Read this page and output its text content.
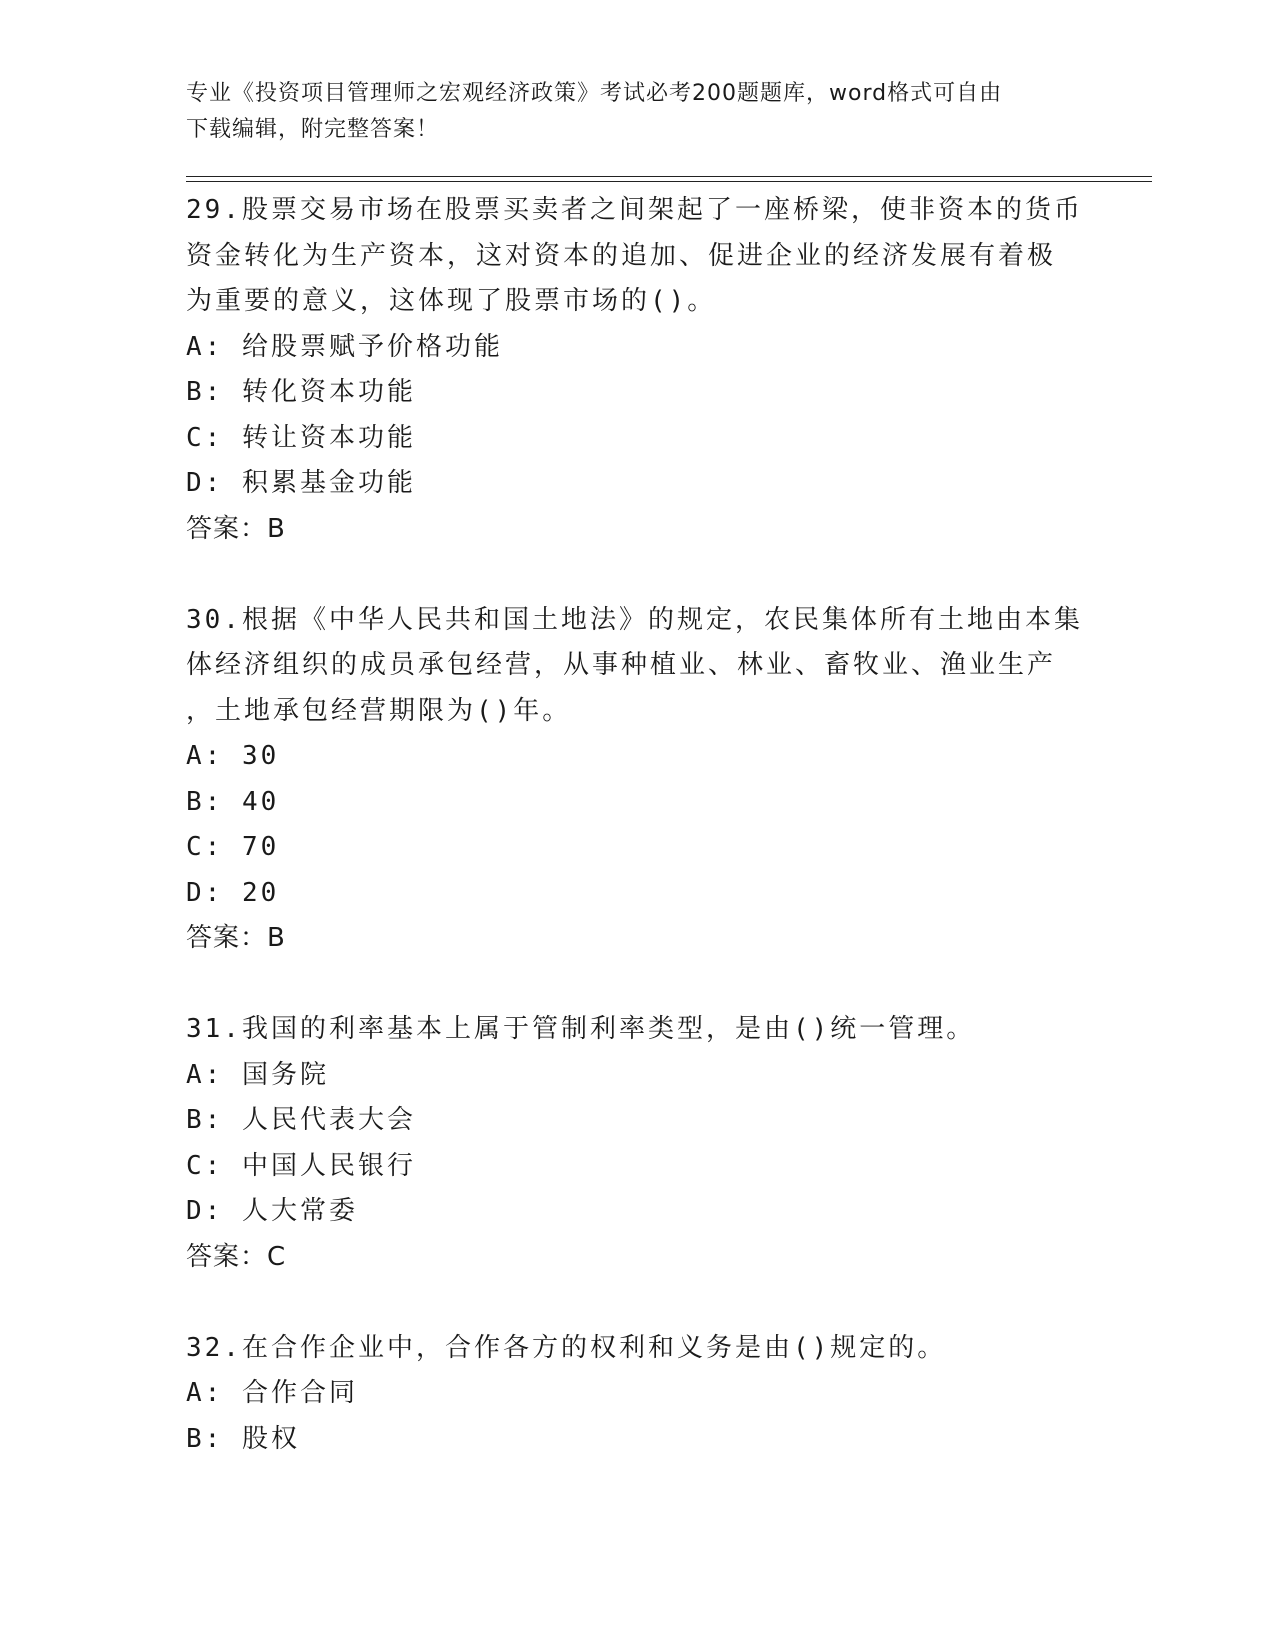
专业《投资项目管理师之宏观经济政策》考试必考200题题库，word格式可自由
下载编辑，附完整答案！
29.股票交易市场在股票买卖者之间架起了一座桥梁，使非资本的货币
资金转化为生产资本，这对资本的追加、促进企业的经济发展有着极
为重要的意义，这体现了股票市场的()。
A: 给股票赋予价格功能
B: 转化资本功能
C: 转让资本功能
D: 积累基金功能
答案：B
30.根据《中华人民共和国土地法》的规定，农民集体所有土地由本集
体经济组织的成员承包经营，从事种植业、林业、畜牧业、渔业生产
，土地承包经营期限为()年。
A: 30
B: 40
C: 70
D: 20
答案：B
31.我国的利率基本上属于管制利率类型，是由()统一管理。
A: 国务院
B: 人民代表大会
C: 中国人民银行
D: 人大常委
答案：C
32.在合作企业中，合作各方的权利和义务是由()规定的。
A: 合作合同
B: 股权
